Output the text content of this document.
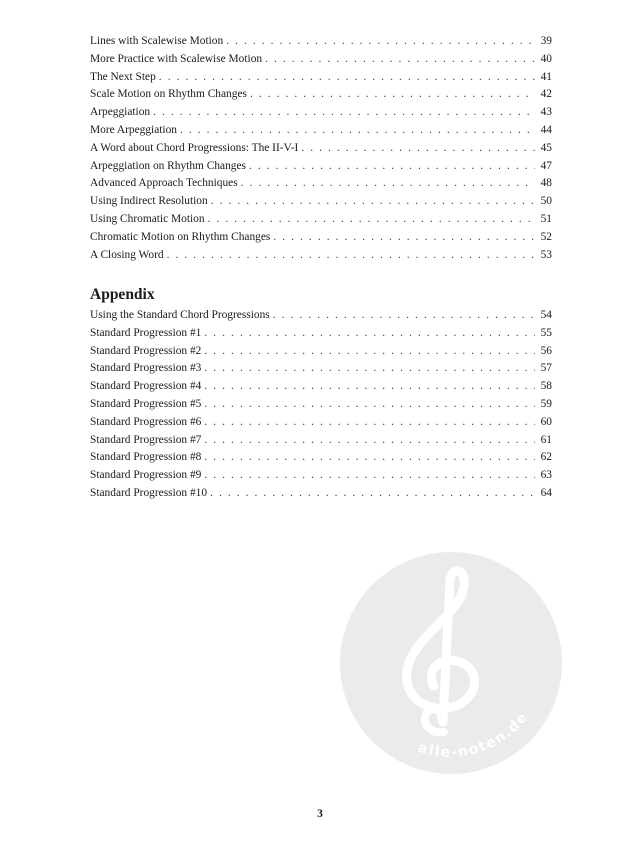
Lines with Scalewise Motion . . .	39
More Practice with Scalewise Motion . . .	40
The Next Step . . .	41
Scale Motion on Rhythm Changes . . .	42
Arpeggiation . . .	43
More Arpeggiation . . .	44
A Word about Chord Progressions: The II-V-I . . .	45
Arpeggiation on Rhythm Changes . . .	47
Advanced Approach Techniques . . .	48
Using Indirect Resolution . . .	50
Using Chromatic Motion . . .	51
Chromatic Motion on Rhythm Changes . . .	52
A Closing Word . . .	53
Appendix
Using the Standard Chord Progressions . . .	54
Standard Progression #1 . . .	55
Standard Progression #2 . . .	56
Standard Progression #3 . . .	57
Standard Progression #4 . . .	58
Standard Progression #5 . . .	59
Standard Progression #6 . . .	60
Standard Progression #7 . . .	61
Standard Progression #8 . . .	62
Standard Progression #9 . . .	63
Standard Progression #10 . . .	64
alle-noten.de
3
